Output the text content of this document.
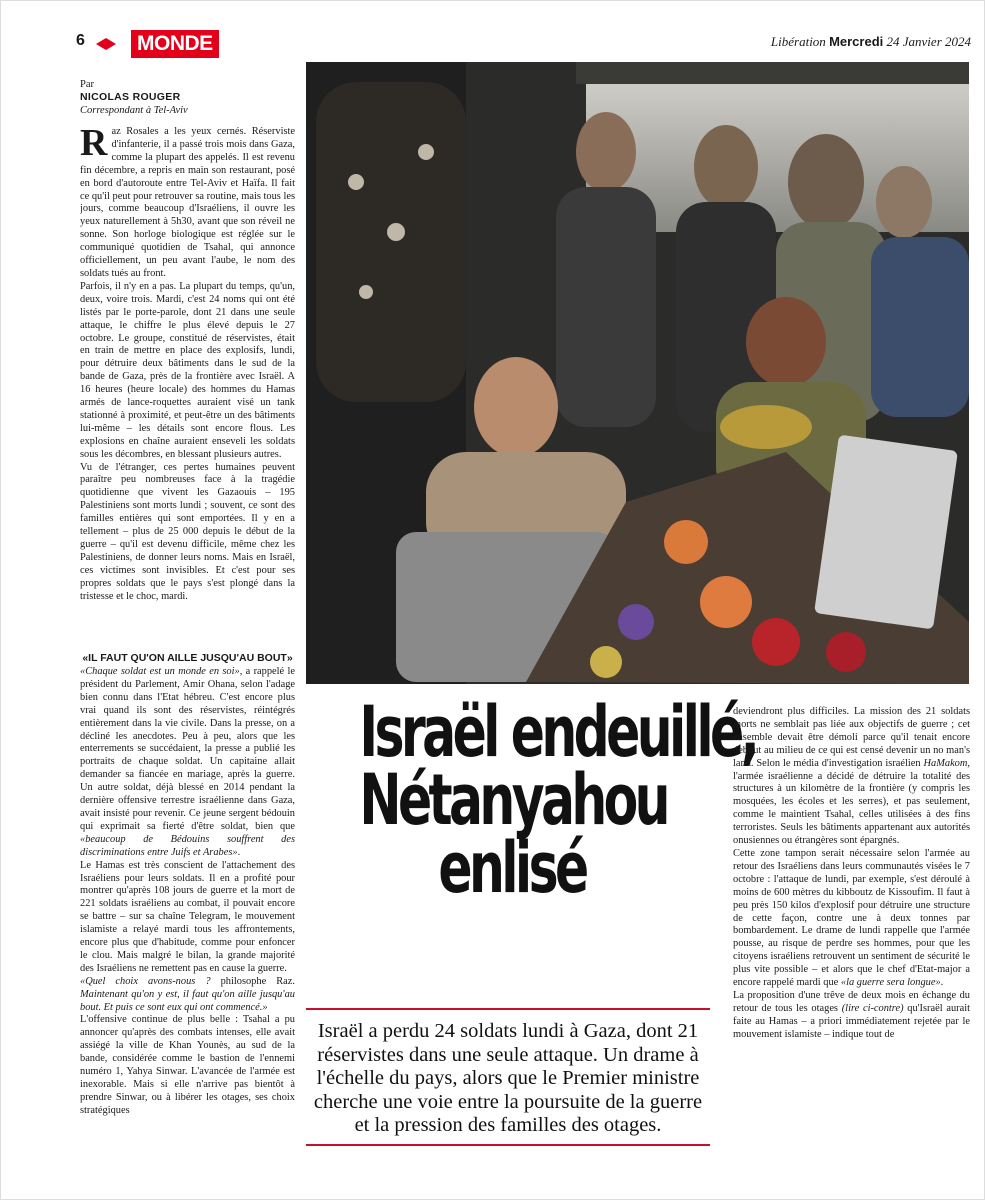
6 MONDE	Libération Mercredi 24 Janvier 2024
Par
NICOLAS ROUGER
Correspondant à Tel-Aviv

Raz Rosales a les yeux cernés. Réserviste d'infanterie, il a passé trois mois dans Gaza, comme la plupart des appelés. Il est revenu fin décembre, a repris en main son restaurant, posé en bord d'autoroute entre Tel-Aviv et Haïfa. Il fait ce qu'il peut pour retrouver sa routine, mais tous les jours, comme beaucoup d'Israéliens, il ouvre les yeux naturellement à 5h30, avant que son réveil ne sonne. Son horloge biologique est réglée sur le communiqué quotidien de Tsahal, qui annonce officiellement, un peu avant l'aube, le nom des soldats tués au front.

Parfois, il n'y en a pas. La plupart du temps, qu'un, deux, voire trois. Mardi, c'est 24 noms qui ont été listés par le porte-parole, dont 21 dans une seule attaque, le chiffre le plus élevé depuis le 27 octobre. Le groupe, constitué de réservistes, était en train de mettre en place des explosifs, lundi, pour détruire deux bâtiments dans le sud de la bande de Gaza, près de la frontière avec Israël. A 16 heures (heure locale) des hommes du Hamas armés de lance-roquettes auraient visé un tank stationné à proximité, et peut-être un des bâtiments lui-même – les détails sont encore flous. Les explosions en chaîne auraient enseveli les soldats sous les décombres, en blessant plusieurs autres.

Vu de l'étranger, ces pertes humaines peuvent paraître peu nombreuses face à la tragédie quotidienne que vivent les Gazaouis – 195 Palestiniens sont morts lundi ; souvent, ce sont des familles entières qui sont emportées. Il y en a tellement – plus de 25 000 depuis le début de la guerre – qu'il est devenu difficile, même chez les Palestiniens, de donner leurs noms. Mais en Israël, ces victimes sont invisibles. Et c'est pour ses propres soldats que le pays s'est plongé dans la tristesse et le choc, mardi.

«IL FAUT QU'ON AILLE JUSQU'AU BOUT»

«Chaque soldat est un monde en soi», a rappelé le président du Parlement, Amir Ohana, selon l'adage bien connu dans l'Etat hébreu. C'est encore plus vrai quand ils sont des réservistes, réintégrés entièrement dans la vie civile. Dans la presse, on a décliné les anecdotes. Peu à peu, alors que les enterrements se succédaient, la presse a publié les portraits de chaque soldat. Un capitaine allait demander sa fiancée en mariage, après la guerre. Un autre soldat, déjà blessé en 2014 pendant la dernière offensive terrestre israélienne dans Gaza, avait insisté pour revenir. Ce jeune sergent bédouin qui exprimait sa fierté d'être soldat, bien que «beaucoup de Bédouins souffrent des discriminations entre Juifs et Arabes».

Le Hamas est très conscient de l'attachement des Israéliens pour leurs soldats. Il en a profité pour montrer qu'après 108 jours de guerre et la mort de 221 soldats israéliens au combat, il pouvait encore se battre – sur sa chaîne Telegram, le mouvement islamiste a relayé mardi tous les affrontements, encore plus que d'habitude, comme pour enfoncer le clou. Mais malgré le bilan, la grande majorité des Israéliens ne remettent pas en cause la guerre.

«Quel choix avons-nous ? philosophe Raz. Maintenant qu'on y est, il faut qu'on aille jusqu'au bout. Et puis ce sont eux qui ont commencé.»

L'offensive continue de plus belle : Tsahal a pu annoncer qu'après des combats intenses, elle avait assiégé la ville de Khan Younès, au sud de la bande, considérée comme le bastion de l'ennemi numéro 1, Yahya Sinwar. L'avancée de l'armée est inexorable. Mais si elle n'arrive pas bientôt à prendre Sinwar, ou à libérer les otages, ses choix stratégiques

Israël endeuillé,
Nétanyahou
enlisé
Israël a perdu 24 soldats lundi à Gaza, dont 21 réservistes dans une seule attaque. Un drame à l'échelle du pays, alors que le Premier ministre cherche une voie entre la poursuite de la guerre et la pression des familles des otages.

deviendront plus difficiles. La mission des 21 soldats morts ne semblait pas liée aux objectifs de guerre ; cet ensemble devait être démoli parce qu'il tenait encore debout au milieu de ce qui est censé devenir un no man's land. Selon le média d'investigation israélien HaMakom, l'armée israélienne a décidé de détruire la totalité des structures à un kilomètre de la frontière (y compris les mosquées, les écoles et les serres), et pas seulement, comme le maintient Tsahal, celles utilisées à des fins terroristes. Seuls les bâtiments appartenant aux autorités onusiennes ou étrangères sont épargnés.

Cette zone tampon serait nécessaire selon l'armée au retour des Israéliens dans leurs communautés visées le 7 octobre : l'attaque de lundi, par exemple, s'est déroulé à moins de 600 mètres du kibboutz de Kissoufim. Il faut à peu près 150 kilos d'explosif pour détruire une structure de cette façon, contre une à deux tonnes par bombardement. Le drame de lundi rappelle que l'armée pousse, au risque de perdre ses hommes, pour que les citoyens israéliens retrouvent un sentiment de sécurité le plus vite possible – et alors que le chef d'Etat-major a encore rappelé mardi que «la guerre sera longue».

La proposition d'une trêve de deux mois en échange du retour de tous les otages (lire ci-contre) qu'Israël aurait faite au Hamas – a priori immédiatement rejetée par le mouvement islamiste – indique tout de
